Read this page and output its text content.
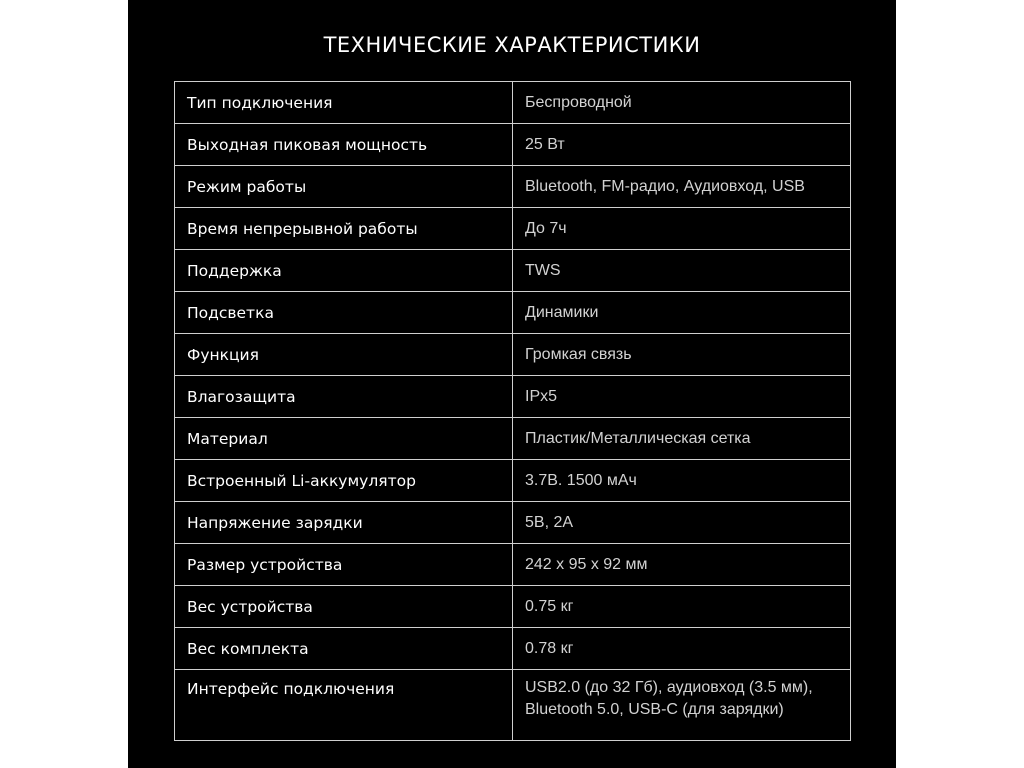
ТЕХНИЧЕСКИЕ ХАРАКТЕРИСТИКИ
Тип подключения	Беспроводной
Выходная пиковая мощность	25 Вт
Режим работы	Bluetooth, FM-радио, Аудиовход, USB
Время непрерывной работы	До 7ч
Поддержка	TWS
Подсветка	Динамики
Функция	Громкая связь
Влагозащита	IPx5
Материал	Пластик/Металлическая сетка
Встроенный Li-аккумулятор	3.7В. 1500 мАч
Напряжение зарядки	5В, 2А
Размер устройства	242 х 95 х 92 мм
Вес устройства	0.75 кг
Вес комплекта	0.78 кг
Интерфейс подключения	USB2.0 (до 32 Гб), аудиовход (3.5 мм), Bluetooth 5.0, USB-C (для зарядки)
